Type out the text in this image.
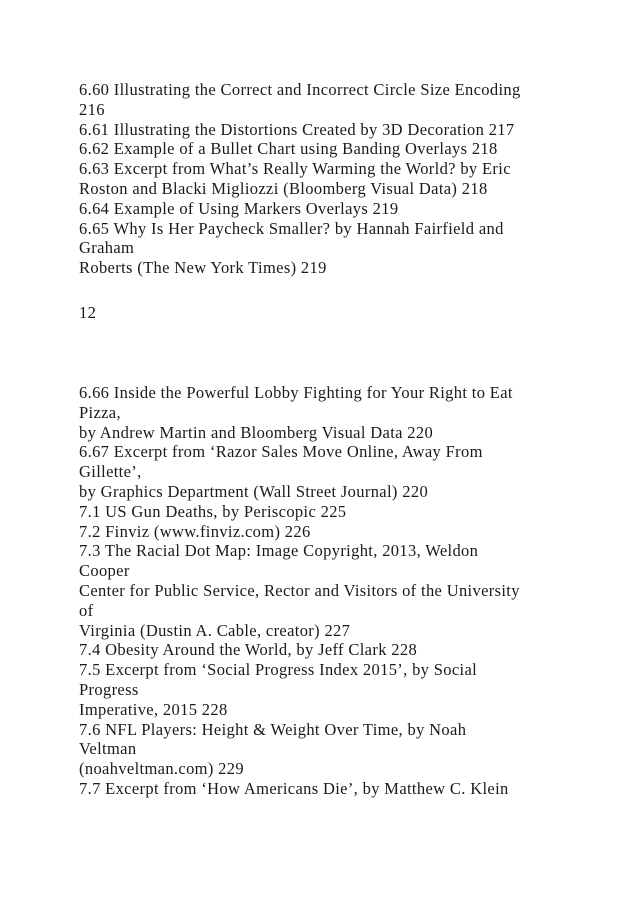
6.60 Illustrating the Correct and Incorrect Circle Size Encoding
216
6.61 Illustrating the Distortions Created by 3D Decoration 217
6.62 Example of a Bullet Chart using Banding Overlays 218
6.63 Excerpt from What’s Really Warming the World? by Eric
Roston and Blacki Migliozzi (Bloomberg Visual Data) 218
6.64 Example of Using Markers Overlays 219
6.65 Why Is Her Paycheck Smaller? by Hannah Fairfield and
Graham
Roberts (The New York Times) 219
12
6.66 Inside the Powerful Lobby Fighting for Your Right to Eat
Pizza,
by Andrew Martin and Bloomberg Visual Data 220
6.67 Excerpt from ‘Razor Sales Move Online, Away From
Gillette’,
by Graphics Department (Wall Street Journal) 220
7.1 US Gun Deaths, by Periscopic 225
7.2 Finviz (www.finviz.com) 226
7.3 The Racial Dot Map: Image Copyright, 2013, Weldon
Cooper
Center for Public Service, Rector and Visitors of the University
of
Virginia (Dustin A. Cable, creator) 227
7.4 Obesity Around the World, by Jeff Clark 228
7.5 Excerpt from ‘Social Progress Index 2015’, by Social
Progress
Imperative, 2015 228
7.6 NFL Players: Height & Weight Over Time, by Noah
Veltman
(noahveltman.com) 229
7.7 Excerpt from ‘How Americans Die’, by Matthew C. Klein
